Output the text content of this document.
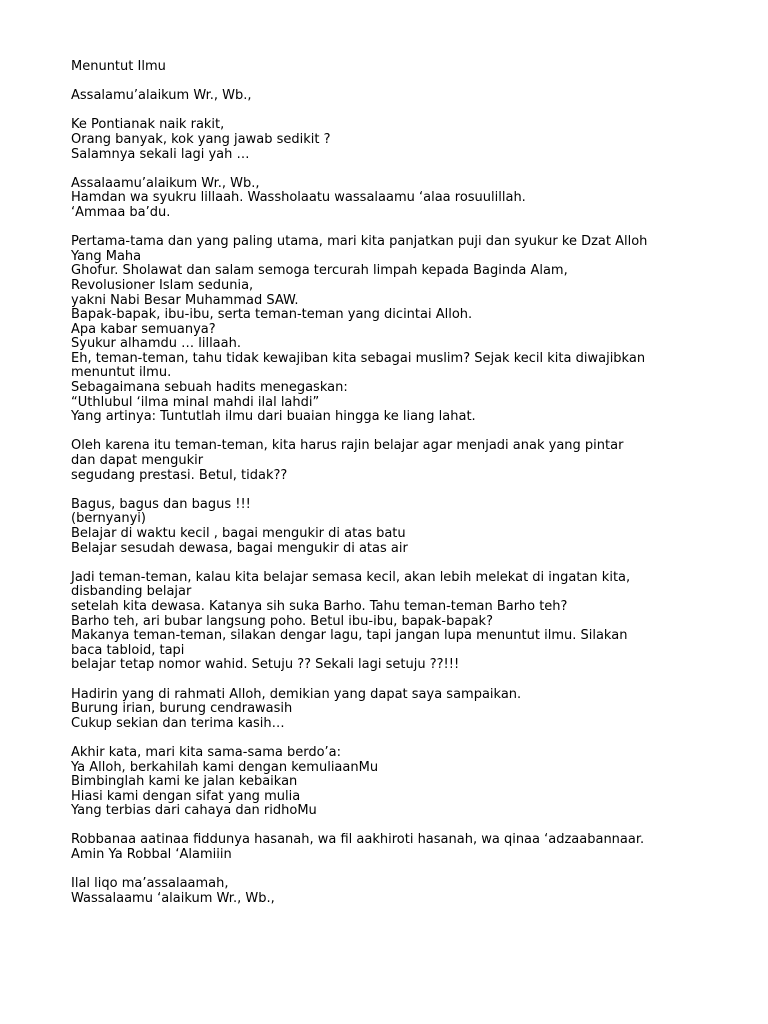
Menuntut Ilmu
Assalamu’alaikum Wr., Wb.,
Ke Pontianak naik rakit,
Orang banyak, kok yang jawab sedikit ?
Salamnya sekali lagi yah …
Assalaamu’alaikum Wr., Wb.,
Hamdan wa syukru lillaah. Wassholaatu wassalaamu ‘alaa rosuulillah.
‘Ammaa ba’du.
Pertama-tama dan yang paling utama, mari kita panjatkan puji dan syukur ke Dzat Alloh
Yang Maha
Ghofur. Sholawat dan salam semoga tercurah limpah kepada Baginda Alam,
Revolusioner Islam sedunia,
yakni Nabi Besar Muhammad SAW.
Bapak-bapak, ibu-ibu, serta teman-teman yang dicintai Alloh.
Apa kabar semuanya?
Syukur alhamdu … lillaah.
Eh, teman-teman, tahu tidak kewajiban kita sebagai muslim? Sejak kecil kita diwajibkan
menuntut ilmu.
Sebagaimana sebuah hadits menegaskan:
“Uthlubul ‘ilma minal mahdi ilal lahdi”
Yang artinya: Tuntutlah ilmu dari buaian hingga ke liang lahat.
Oleh karena itu teman-teman, kita harus rajin belajar agar menjadi anak yang pintar
dan dapat mengukir
segudang prestasi. Betul, tidak??
Bagus, bagus dan bagus !!!
(bernyanyi)
Belajar di waktu kecil , bagai mengukir di atas batu
Belajar sesudah dewasa, bagai mengukir di atas air
Jadi teman-teman, kalau kita belajar semasa kecil, akan lebih melekat di ingatan kita,
disbanding belajar
setelah kita dewasa. Katanya sih suka Barho. Tahu teman-teman Barho teh?
Barho teh, ari bubar langsung poho. Betul ibu-ibu, bapak-bapak?
Makanya teman-teman, silakan dengar lagu, tapi jangan lupa menuntut ilmu. Silakan
baca tabloid, tapi
belajar tetap nomor wahid. Setuju ?? Sekali lagi setuju ??!!!
Hadirin yang di rahmati Alloh, demikian yang dapat saya sampaikan.
Burung irian, burung cendrawasih
Cukup sekian dan terima kasih…
Akhir kata, mari kita sama-sama berdo’a:
Ya Alloh, berkahilah kami dengan kemuliaanMu
Bimbinglah kami ke jalan kebaikan
Hiasi kami dengan sifat yang mulia
Yang terbias dari cahaya dan ridhoMu
Robbanaa aatinaa fiddunya hasanah, wa fil aakhiroti hasanah, wa qinaa ‘adzaabannaar.
Amin Ya Robbal ‘Alamiiin
Ilal liqo ma’assalaamah,
Wassalaamu ‘alaikum Wr., Wb.,
